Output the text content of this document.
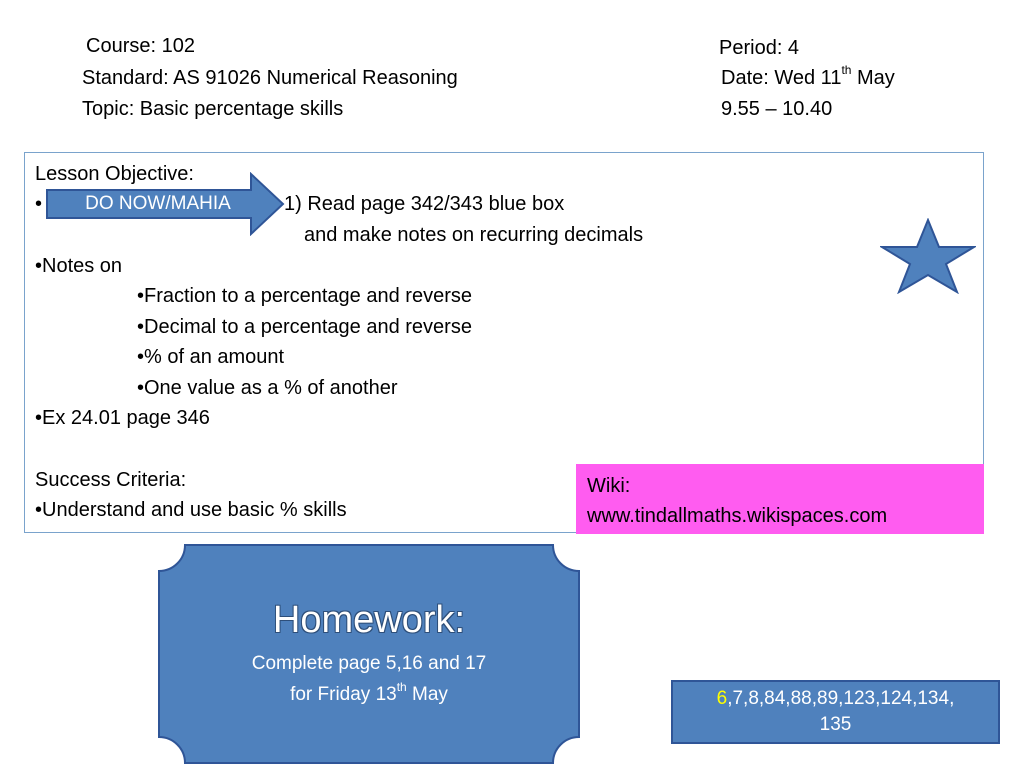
Course: 102
Standard: AS 91026 Numerical Reasoning
Topic: Basic percentage skills
Period: 4
Date: Wed 11th May
9.55 – 10.40
Lesson Objective:
•	DO NOW/MAHIA	1) Read page 342/343 blue box
and make notes on recurring decimals
•Notes on
•Fraction to a percentage and reverse
•Decimal to a percentage and reverse
•% of an amount
•One value as a % of another
•Ex 24.01 page 346
Success Criteria:
•Understand and use basic % skills
Wiki:
www.tindallmaths.wikispaces.com
Homework:
Complete page 5,16 and 17
for Friday 13th May	6,7,8,84,88,89,123,124,134,
135
